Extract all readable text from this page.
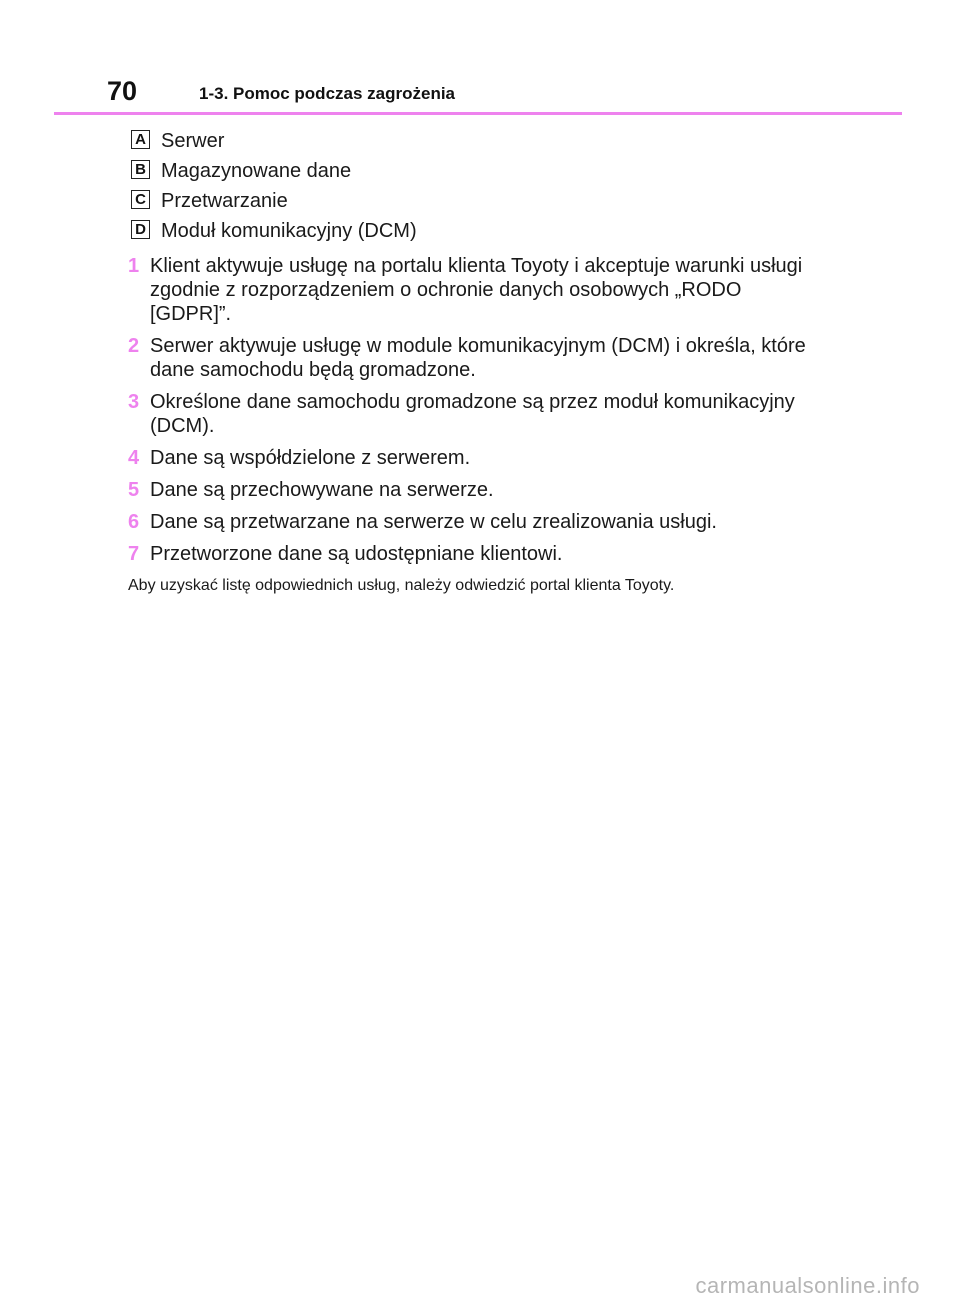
70	1-3. Pomoc podczas zagrożenia
A Serwer
B Magazynowane dane
C Przetwarzanie
D Moduł komunikacyjny (DCM)
1 Klient aktywuje usługę na portalu klienta Toyoty i akceptuje warunki usługi zgodnie z rozporządzeniem o ochronie danych osobowych „RODO [GDPR]”.
2 Serwer aktywuje usługę w module komunikacyjnym (DCM) i określa, które dane samochodu będą gromadzone.
3 Określone dane samochodu gromadzone są przez moduł komunikacyjny (DCM).
4 Dane są współdzielone z serwerem.
5 Dane są przechowywane na serwerze.
6 Dane są przetwarzane na serwerze w celu zrealizowania usługi.
7 Przetworzone dane są udostępniane klientowi.
Aby uzyskać listę odpowiednich usług, należy odwiedzić portal klienta Toyoty.
carmanualsonline.info
